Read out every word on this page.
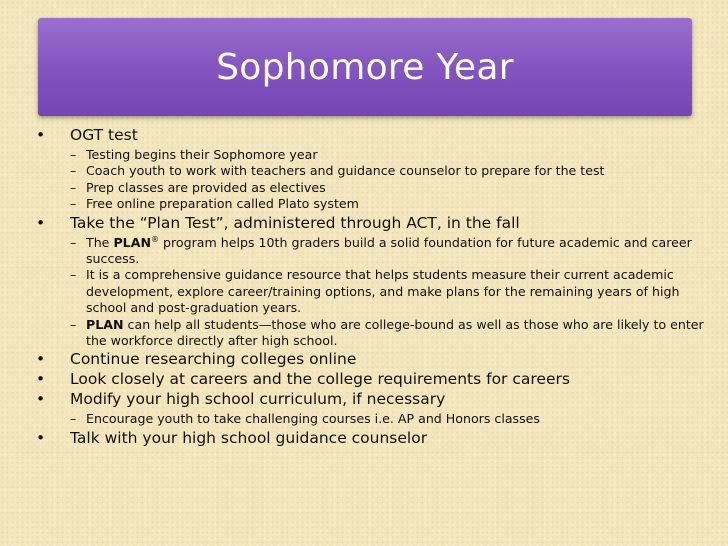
Sophomore Year
• OGT test
– Testing begins their Sophomore year
– Coach youth to work with teachers and guidance counselor to prepare for the test
– Prep classes are provided as electives
– Free online preparation called Plato system
• Take the “Plan Test”, administered through ACT, in the fall
– The PLAN® program helps 10th graders build a solid foundation for future academic and career success.
– It is a comprehensive guidance resource that helps students measure their current academic development, explore career/training options, and make plans for the remaining years of high school and post-graduation years.
– PLAN can help all students—those who are college-bound as well as those who are likely to enter the workforce directly after high school.
• Continue researching colleges online
• Look closely at careers and the college requirements for careers
• Modify your high school curriculum, if necessary
– Encourage youth to take challenging courses i.e. AP and Honors classes
• Talk with your high school guidance counselor
